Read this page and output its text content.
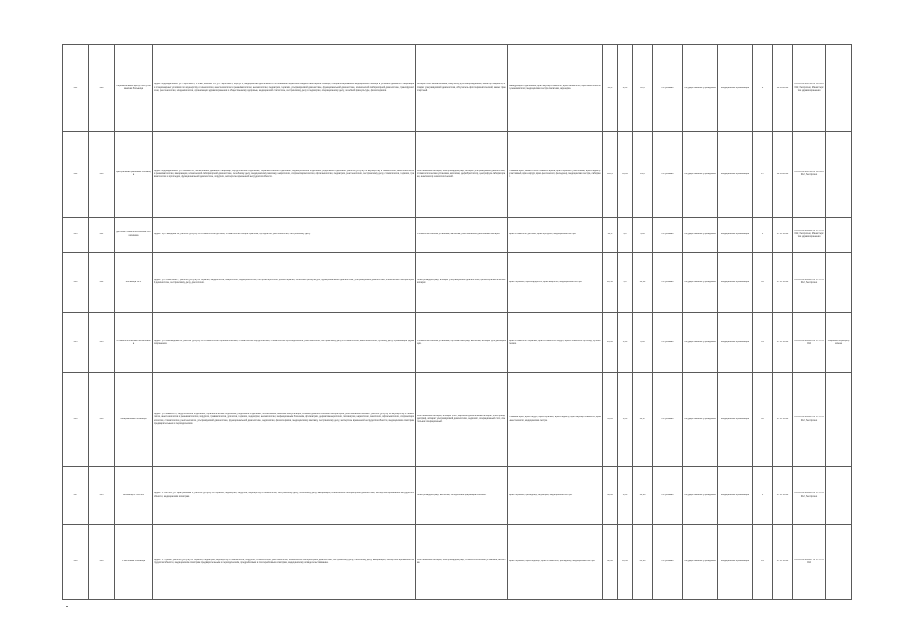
211	209	Перинатальный центр Республиканская больница	Адрес подразделения: ул. Пирогова 3, 1 этаж, кабинет 14; ул. Пирогова 3, корпус 2; медицинская деятельность по оказанию первичной медико-санитарной помощи, специализированной медицинской помощи в условиях дневного стационара и стационарных условиях по акушерству и гинекологии, анестезиологии и реаниматологии, неонатологии, педиатрии, терапии, ультразвуковой диагностике, функциональной диагностике, клинической лабораторной диагностике, трансфузиологии, рентгенологии, эпидемиологии, организации здравоохранения и общественному здоровью, медицинской статистике, сестринскому делу в педиатрии, операционному делу, лечебной физкультуре, физиотерапии.	Аппарат ИВЛ неонатальный, инкубатор для новорожденных, монитор пациента, аппарат ультразвуковой диагностики, облучатель фототерапевтический, кювез транспортный.	Заведующий отделением, врач акушер-гинеколог, врач неонатолог, врач анестезиолог-реаниматолог, медицинская сестра палатная, акушерка.	88,0	2,00	12,0	Не указано	Государственное учреждение	Медицинская организация	8	12.03.2012	ЛО-05-01-000798 от 12.03.2012, бессрочно, Министерство здравоохранения	

212	210	Центральная районная больница	Адрес подразделения: ул. Ленина 45; поликлиника, дневной стационар, хирургическое отделение, терапевтическое отделение, педиатрическое отделение, родильное отделение; работы (услуги) по акушерству и гинекологии, анестезиологии и реаниматологии, вакцинации, клинической лабораторной диагностике, лечебному делу, медицинскому массажу, неврологии, оториноларингологии, офтальмологии, педиатрии, рентгенологии, сестринскому делу, стоматологии, терапии, травматологии и ортопедии, функциональной диагностике, хирургии, экспертизе временной нетрудоспособности.	Рентгеновский аппарат, электрокардиограф, аппарат ультразвуковой диагностики, стоматологическая установка, автоклав, дефибриллятор, центрифуга лабораторная, анализатор гематологический.	Главный врач, заместитель главного врача, врач-терапевт участковый, врач-педиатр участковый, врач-хирург, врач-рентгенолог, фельдшер, медицинская сестра, лаборант.	120,0	41,20	29,0	Не указано	Государственное учреждение	Медицинская организация	27	12.03.2012	ЛО-05-01-000799 от 12.03.2012, бессрочно	

213	211	Детская стоматологическая поликлиника	Адрес: пр. Гамидова 18; работы (услуги) по стоматологии детской, стоматологии общей практики, ортодонтии, рентгенологии, сестринскому делу.	Стоматологическая установка, автоклав, рентгеновский дентальный аппарат.	Врач-стоматолог детский, врач-ортодонт, медицинская сестра.	44,0	4,0	4,00	Не указано	Государственное учреждение	Медицинская организация	1	17.07.2012	ЛО-05-01-000812 от 17.07.2012, бессрочно, Министерство здравоохранения	

214	212	Больница № 1	Адрес: ул. Советская 7; работы (услуги) по терапии, кардиологии, неврологии, эндокринологии, гастроэнтерологии, физиотерапии, лечебной физкультуре, функциональной диагностике, ультразвуковой диагностике, клинической лабораторной диагностике, сестринскому делу, диетологии.	Электрокардиограф, аппарат ультразвуковой диагностики, физиотерапевтический аппарат.	Врач-терапевт, врач-кардиолог, врач-невролог, медицинская сестра.	28,50	1,0	14,12	Не указано	Государственное учреждение	Медицинская организация	16	17.07.2012	ЛО-05-01-000813 от 17.07.2012, бессрочно	

215	213	Стоматологическая поликлиника	Адрес: ул. Магомедова 22; работы (услуги) по стоматологии терапевтической, стоматологии хирургической, стоматологии ортопедической, рентгенологии, сестринскому делу в стоматологии, анестезиологии, зубному делу, организации здравоохранения.	Стоматологическая установка, ортопантомограф, автоклав, аппарат для дезинфекции.	Врач-стоматолог-терапевт, врач-стоматолог-хирург, врач-стоматолог-ортопед, зубной техник.	26,00	1,20	9,40	Не указано	Государственное учреждение	Медицинская организация	14	17.07.2012	ЛО-05-01-000814 от 17.07.2012	лицензия переоформлена

216	214	Межрайонная больница	Адрес: ул. Шамиля 3; хирургическое отделение, терапевтическое отделение, родильное отделение, поликлиника, женская консультация, клинико-диагностическая лаборатория, рентгеновский кабинет; работы (услуги) по акушерству и гинекологии, анестезиологии и реаниматологии, хирургии, травматологии, урологии, терапии, педиатрии, неонатологии, инфекционным болезням, фтизиатрии, дерматовенерологии, психиатрии, наркологии, онкологии, офтальмологии, оториноларингологии, стоматологии, рентгенологии, ультразвуковой диагностике, функциональной диагностике, эндоскопии, физиотерапии, медицинскому массажу, сестринскому делу, экспертизе временной нетрудоспособности, медицинским осмотрам предварительным и периодическим.	Рентгеновский аппарат, аппарат ИВЛ, наркозно-дыхательный аппарат, электрокардиограф, аппарат ультразвуковой диагностики, эндоскоп, операционный стол, светильник операционный.	Главный врач, врач-хирург, врач-терапевт, врач-педиатр, врач акушер-гинеколог, врач-анестезиолог, медицинская сестра.	31,20	1,00	14,17	Не указано	Государственное учреждение	Медицинская организация	12	17.07.2012	ЛО-05-01-000815 от 17.07.2012, бессрочно	

217	215	Больница с. Ботлих	Адрес: с. Ботлих, ул. Центральная 1; работы (услуги) по терапии, педиатрии, хирургии, акушерству и гинекологии, сестринскому делу, лечебному делу, вакцинации, клинической лабораторной диагностике, экспертизе временной нетрудоспособности, медицинским осмотрам.	Электрокардиограф, автоклав, холодильник фармацевтический.	Врач-терапевт, фельдшер, акушерка, медицинская сестра.	30,00	1,00	14,00	Не указано	Государственное учреждение	Медицинская организация	1	17.07.2012	ЛО-05-01-000816 от 17.07.2012, бессрочно	

218	216	Участковая больница	Адрес: с. Хунзах; работы (услуги) по терапии, педиатрии, акушерству и гинекологии, хирургии, стоматологии, рентгенологии, клинической лабораторной диагностике, сестринскому делу, лечебному делу, вакцинации, экспертизе временной нетрудоспособности, медицинским осмотрам предварительным и периодическим, предрейсовым и послерейсовым осмотрам, медицинскому освидетельствованию.	Рентгеновский аппарат, электрокардиограф, стоматологическая установка, автоклав.	Врач-терапевт, врач-педиатр, врач-стоматолог, фельдшер, медицинская сестра.	42,00	10,00	21,00	Не указано	Государственное учреждение	Медицинская организация	24	17.07.2012	ЛО-05-01-000817 от 17.07.2012	
